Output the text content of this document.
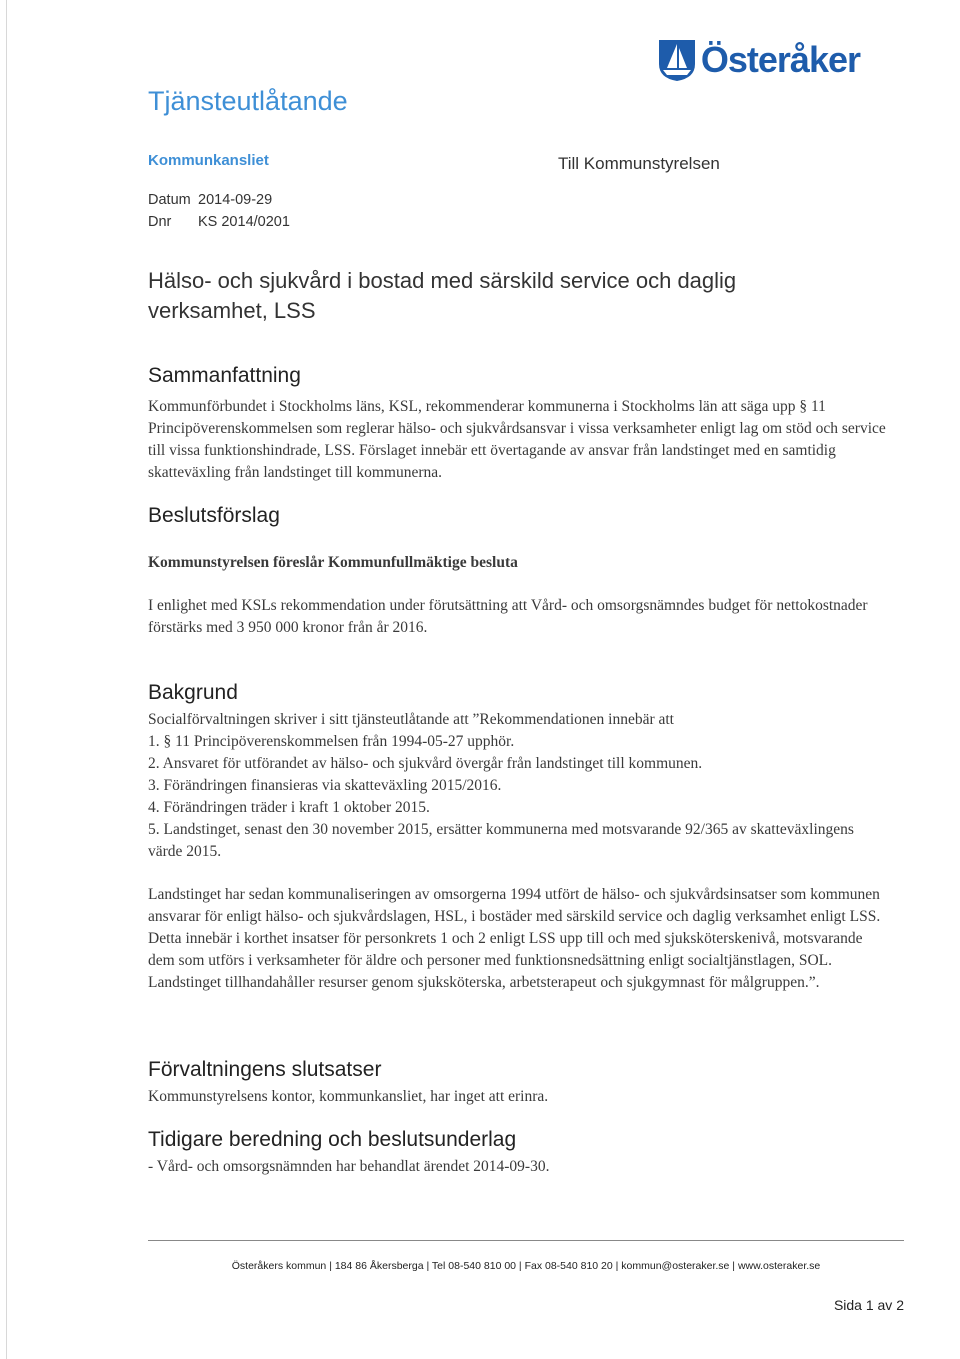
Österåker
Tjänsteutlåtande
Kommunkansliet	Till Kommunstyrelsen
Datum 2014-09-29
Dnr KS 2014/0201
Hälso- och sjukvård i bostad med särskild service och daglig verksamhet, LSS
Sammanfattning
Kommunförbundet i Stockholms läns, KSL, rekommenderar kommunerna i Stockholms län att säga upp § 11 Principöverenskommelsen som reglerar hälso- och sjukvårdsansvar i vissa verksamheter enligt lag om stöd och service till vissa funktionshindrade, LSS. Förslaget innebär ett övertagande av ansvar från landstinget med en samtidig skatteväxling från landstinget till kommunerna.
Beslutsförslag
Kommunstyrelsen föreslår Kommunfullmäktige besluta
I enlighet med KSLs rekommendation under förutsättning att Vård- och omsorgsnämndes budget för nettokostnader förstärks med 3 950 000 kronor från år 2016.
Bakgrund

Socialförvaltningen skriver i sitt tjänsteutlåtande att ”Rekommendationen innebär att

1. § 11 Principöverenskommelsen från 1994-05-27 upphör.

2. Ansvaret för utförandet av hälso- och sjukvård övergår från landstinget till kommunen.

3. Förändringen finansieras via skatteväxling 2015/2016.

4. Förändringen träder i kraft 1 oktober 2015.

5. Landstinget, senast den 30 november 2015, ersätter kommunerna med motsvarande 92/365 av skatteväxlingens värde 2015.

Landstinget har sedan kommunaliseringen av omsorgerna 1994 utfört de hälso- och sjukvårdsinsatser som kommunen ansvarar för enligt hälso- och sjukvårdslagen, HSL, i bostäder med särskild service och daglig verksamhet enligt LSS. Detta innebär i korthet insatser för personkrets 1 och 2 enligt LSS upp till och med sjuksköterskenivå, motsvarande dem som utförs i verksamheter för äldre och personer med funktionsnedsättning enligt socialtjänstlagen, SOL. Landstinget tillhandahåller resurser genom sjuksköterska, arbetsterapeut och sjukgymnast för målgruppen.”.
Förvaltningens slutsatser
Kommunstyrelsens kontor, kommunkansliet, har inget att erinra.
Tidigare beredning och beslutsunderlag
- Vård- och omsorgsnämnden har behandlat ärendet 2014-09-30.
Österåkers kommun | 184 86 Åkersberga | Tel 08-540 810 00 | Fax 08-540 810 20 | kommun@osteraker.se | www.osteraker.se
Sida 1 av 2
